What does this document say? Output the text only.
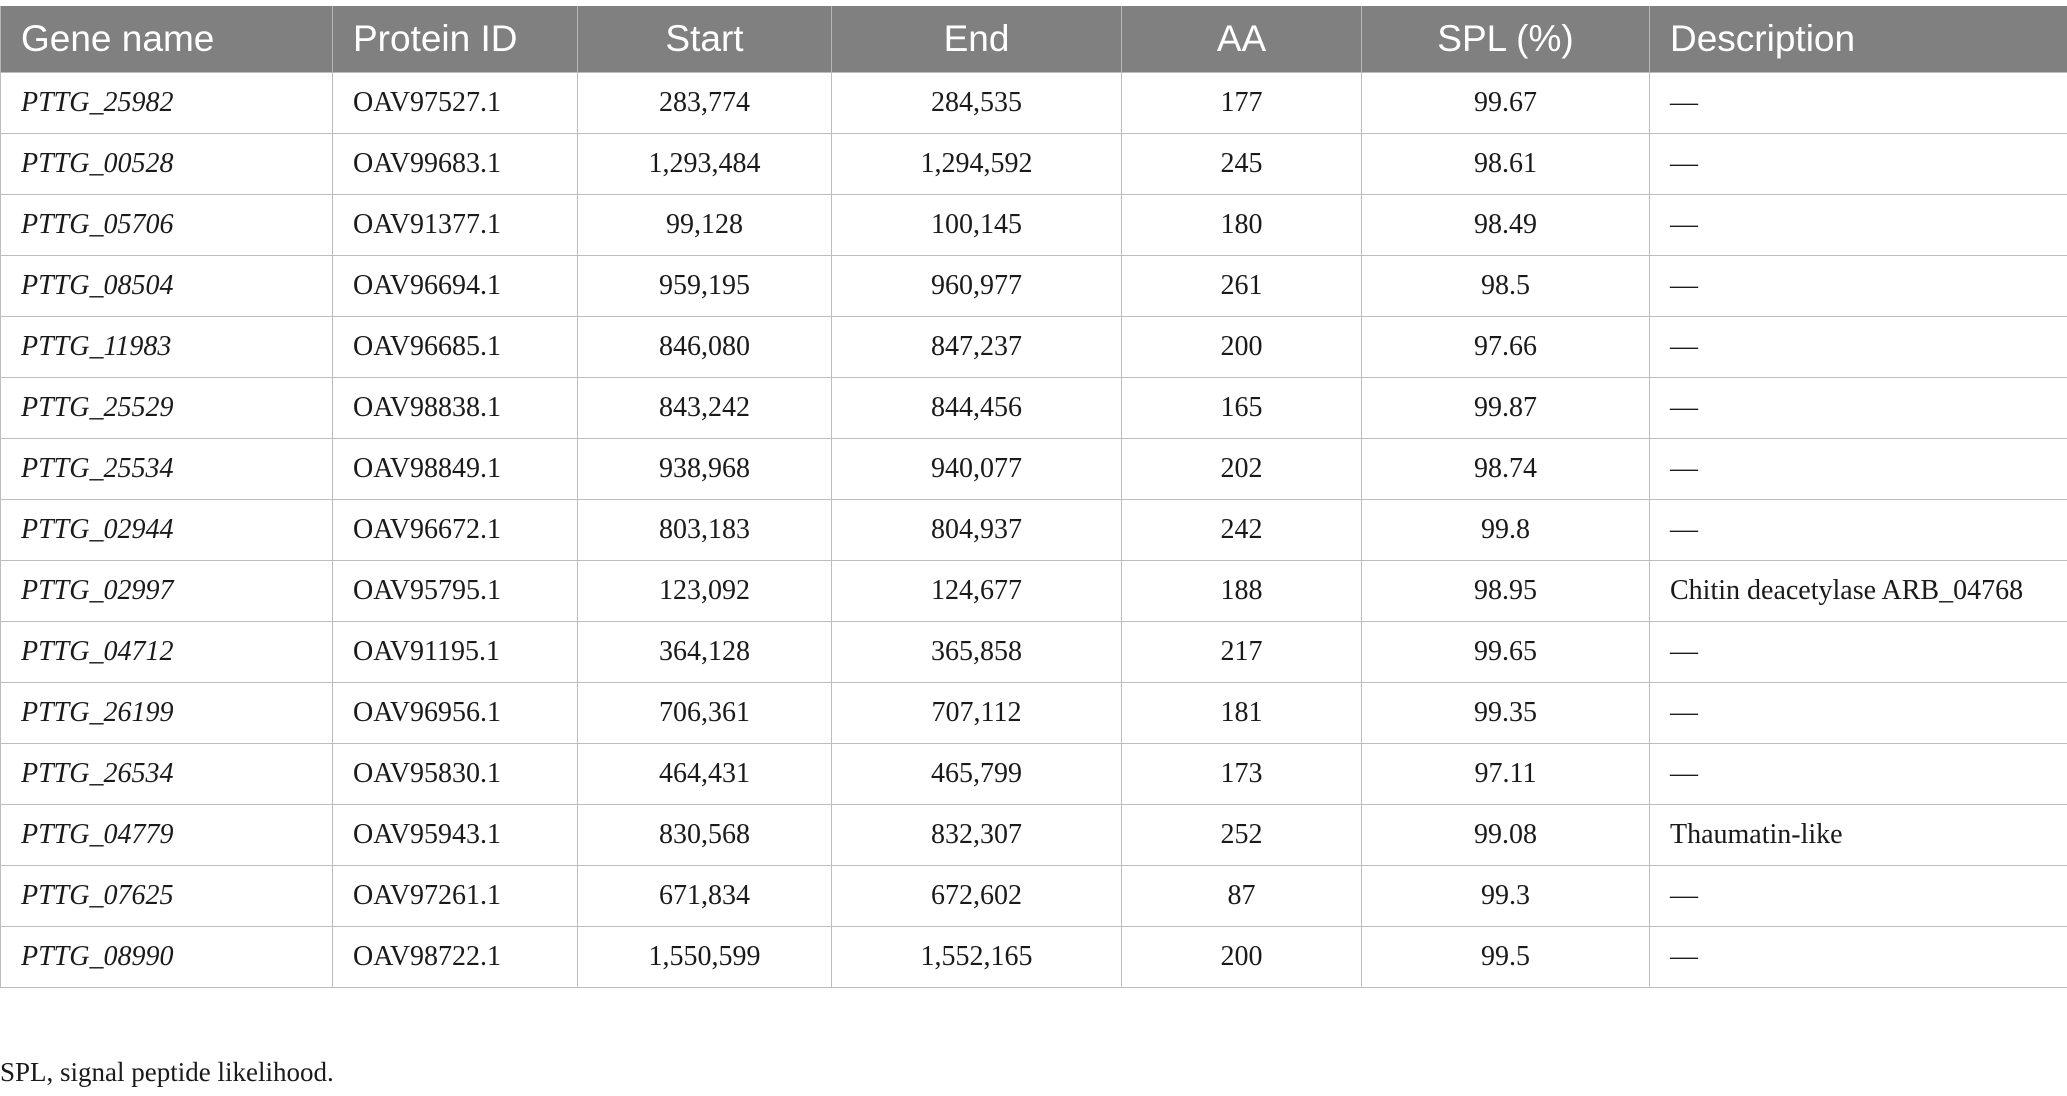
Gene name	Protein ID	Start	End	AA	SPL (%)	Description
PTTG_25982	OAV97527.1	283,774	284,535	177	99.67	—
PTTG_00528	OAV99683.1	1,293,484	1,294,592	245	98.61	—
PTTG_05706	OAV91377.1	99,128	100,145	180	98.49	—
PTTG_08504	OAV96694.1	959,195	960,977	261	98.5	—
PTTG_11983	OAV96685.1	846,080	847,237	200	97.66	—
PTTG_25529	OAV98838.1	843,242	844,456	165	99.87	—
PTTG_25534	OAV98849.1	938,968	940,077	202	98.74	—
PTTG_02944	OAV96672.1	803,183	804,937	242	99.8	—
PTTG_02997	OAV95795.1	123,092	124,677	188	98.95	Chitin deacetylase ARB_04768
PTTG_04712	OAV91195.1	364,128	365,858	217	99.65	—
PTTG_26199	OAV96956.1	706,361	707,112	181	99.35	—
PTTG_26534	OAV95830.1	464,431	465,799	173	97.11	—
PTTG_04779	OAV95943.1	830,568	832,307	252	99.08	Thaumatin-like
PTTG_07625	OAV97261.1	671,834	672,602	87	99.3	—
PTTG_08990	OAV98722.1	1,550,599	1,552,165	200	99.5	—
SPL, signal peptide likelihood.
